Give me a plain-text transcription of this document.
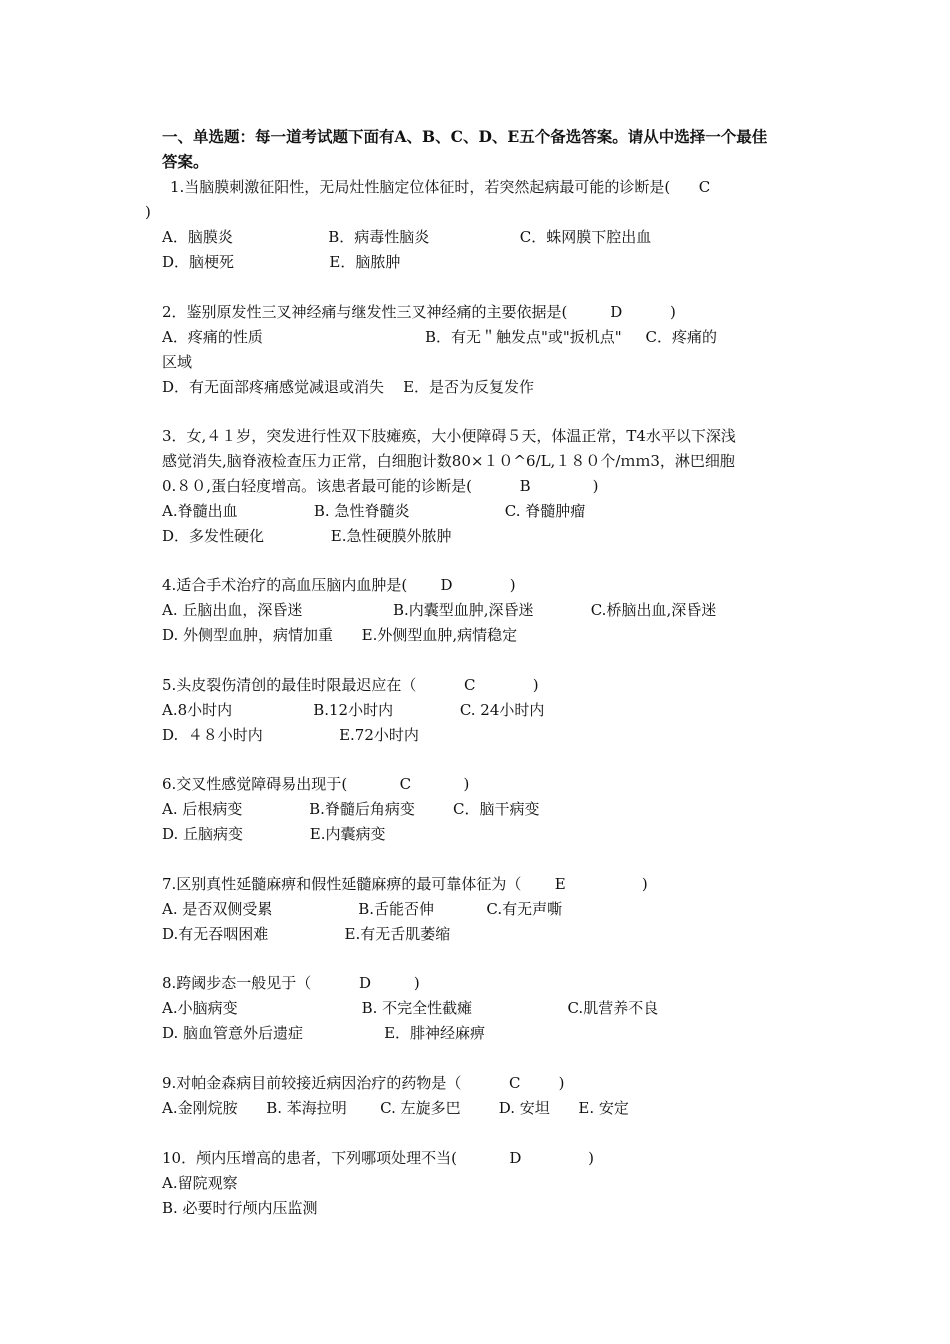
一、单选题：每一道考试题下面有A、B、C、D、E五个备选答案。请从中选择一个最佳
答案。
1.当脑膜刺激征阳性，无局灶性脑定位体征时，若突然起病最可能的诊断是(      C
)
A．脑膜炎                    B．病毒性脑炎                   C．蛛网膜下腔出血
D．脑梗死                    E．脑脓肿
2．鉴别原发性三叉神经痛与继发性三叉神经痛的主要依据是(         D          )
A．疼痛的性质                                  B．有无＂触发点"或"扳机点"     C．疼痛的
区域
D．有无面部疼痛感觉减退或消失    E．是否为反复发作
3．女,４１岁，突发进行性双下肢瘫痪，大小便障碍５天，体温正常，T4水平以下深浅
感觉消失,脑脊液检查压力正常，白细胞计数80×１０^6/L,１８０个/ｍｍ3，淋巴细胞
0.８０,蛋白轻度增高。该患者最可能的诊断是(          B             )
A.脊髓出血                B. 急性脊髓炎                    C. 脊髓肿瘤
D．多发性硬化              E.急性硬膜外脓肿
4.适合手术治疗的高血压脑内血肿是(       D            )
A. 丘脑出血，深昏迷                   B.内囊型血肿,深昏迷            C.桥脑出血,深昏迷
D. 外侧型血肿，病情加重      E.外侧型血肿,病情稳定
5.头皮裂伤清创的最佳时限最迟应在（          C            )
A.8小时内                 B.12小时内              C. 24小时内
D.  ４８小时内                E.72小时内
6.交叉性感觉障碍易出现于(           C           )
A. 后根病变              B.脊髓后角病变        C．脑干病变
D. 丘脑病变              E.内囊病变
7.区别真性延髓麻痹和假性延髓麻痹的最可靠体征为（       E                )
A. 是否双侧受累                  B.舌能否伸           C.有无声嘶
D.有无吞咽困难                E.有无舌肌萎缩
8.跨阈步态一般见于（          D         )
A.小脑病变                          B. 不完全性截瘫                    C.肌营养不良
D. 脑血管意外后遗症                 E．腓神经麻痹
9.对帕金森病目前较接近病因治疗的药物是（          C        )
A.金刚烷胺      B. 苯海拉明       C. 左旋多巴        D. 安坦      E. 安定
10．颅内压增高的患者，下列哪项处理不当(           D              )
A.留院观察
B. 必要时行颅内压监测
